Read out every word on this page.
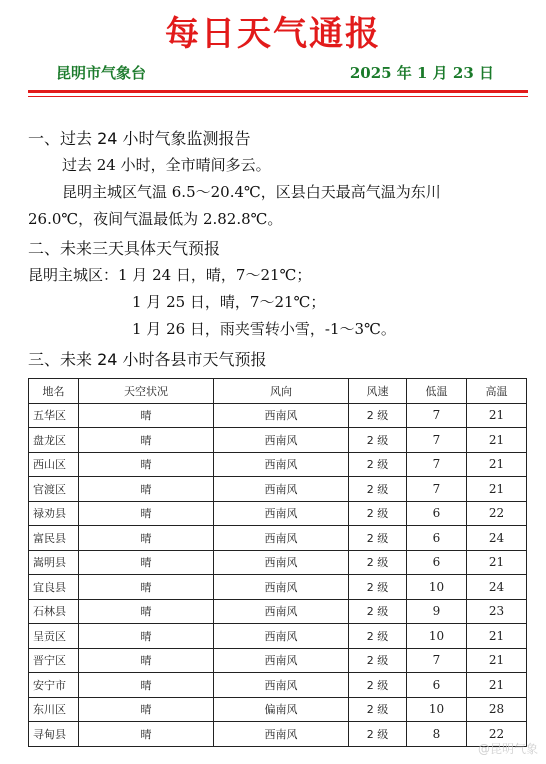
每日天气通报
昆明市气象台	2025 年 1 月 23 日
一、过去 24 小时气象监测报告
过去 24 小时，全市晴间多云。
昆明主城区气温 6.5～20.4℃，区县白天最高气温为东川
26.0℃，夜间气温最低为 2.82.8℃。
二、未来三天具体天气预报
昆明主城区：1 月 24 日，晴，7～21℃；
1 月 25 日，晴，7～21℃；
1 月 26 日，雨夹雪转小雪，-1～3℃。
三、未来 24 小时各县市天气预报
地名	天空状况	风向	风速	低温	高温
五华区	晴	西南风	2 级	7	21
盘龙区	晴	西南风	2 级	7	21
西山区	晴	西南风	2 级	7	21
官渡区	晴	西南风	2 级	7	21
禄劝县	晴	西南风	2 级	6	22
富民县	晴	西南风	2 级	6	24
嵩明县	晴	西南风	2 级	6	21
宜良县	晴	西南风	2 级	10	24
石林县	晴	西南风	2 级	9	23
呈贡区	晴	西南风	2 级	10	21
晋宁区	晴	西南风	2 级	7	21
安宁市	晴	西南风	2 级	6	21
东川区	晴	偏南风	2 级	10	28
寻甸县	晴	西南风	2 级	8	22
@昆明气象
